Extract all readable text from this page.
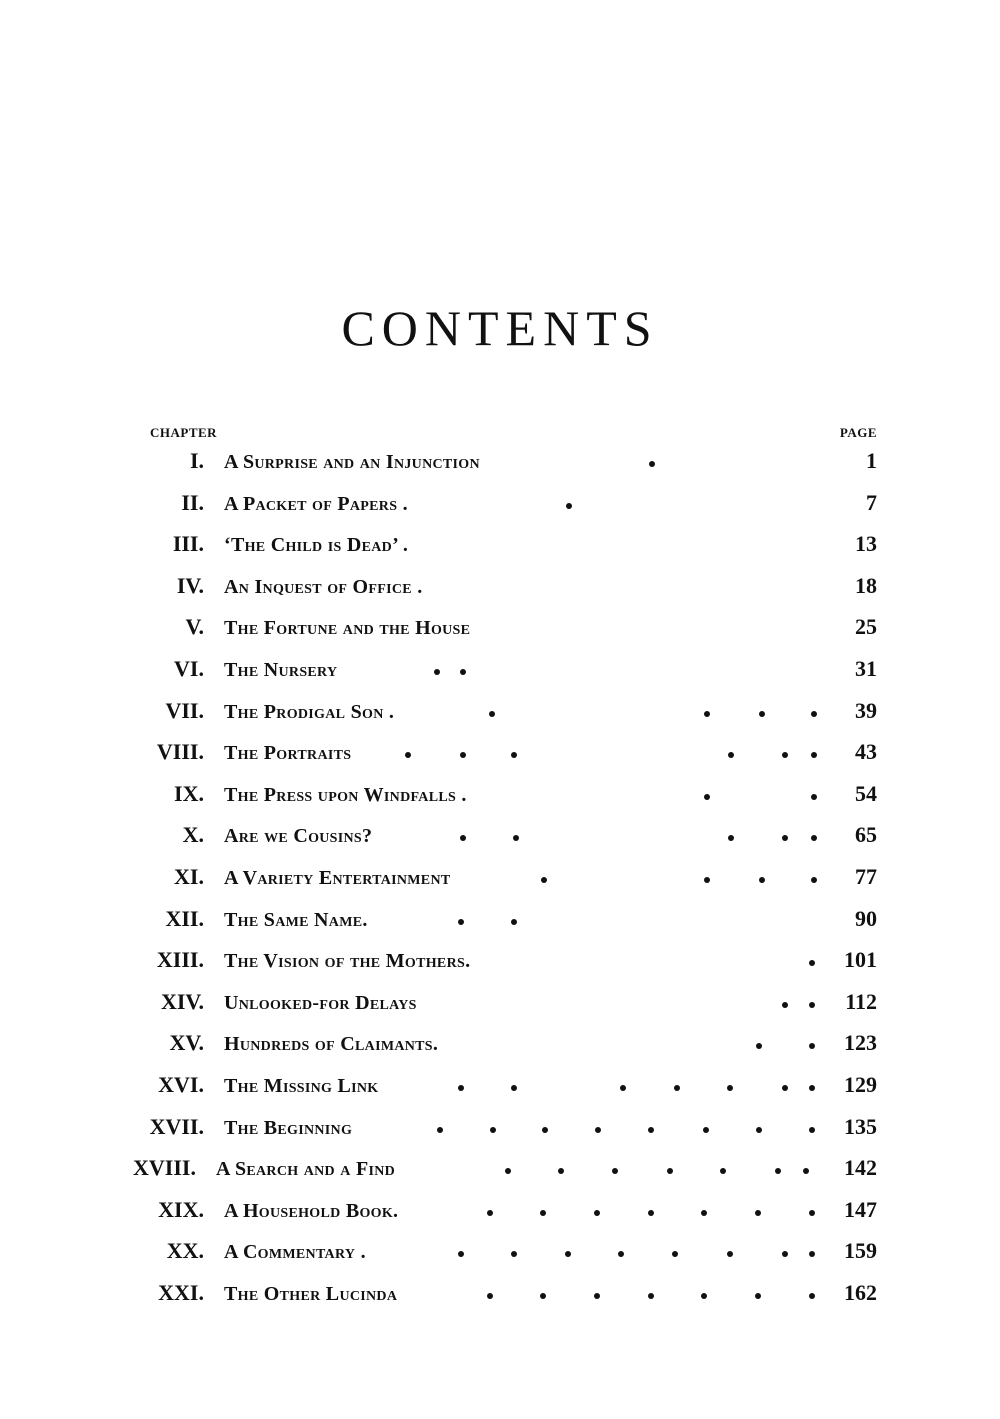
CONTENTS
CHAPTER	PAGE
I. A Surprise and an Injunction	1
II. A Packet of Papers .	7
III. ‘The Child is Dead’ .	13
IV. An Inquest of Office .	18
V. The Fortune and the House	25
VI. The Nursery	31
VII. The Prodigal Son .	39
VIII. The Portraits	43
IX. The Press upon Windfalls .	54
X. Are we Cousins?	65
XI. A Variety Entertainment	77
XII. The Same Name.	90
XIII. The Vision of the Mothers.	101
XIV. Unlooked-for Delays	112
XV. Hundreds of Claimants.	123
XVI. The Missing Link	129
XVII. The Beginning	135
XVIII. A Search and a Find	142
XIX. A Household Book.	147
XX. A Commentary .	159
XXI. The Other Lucinda	162
